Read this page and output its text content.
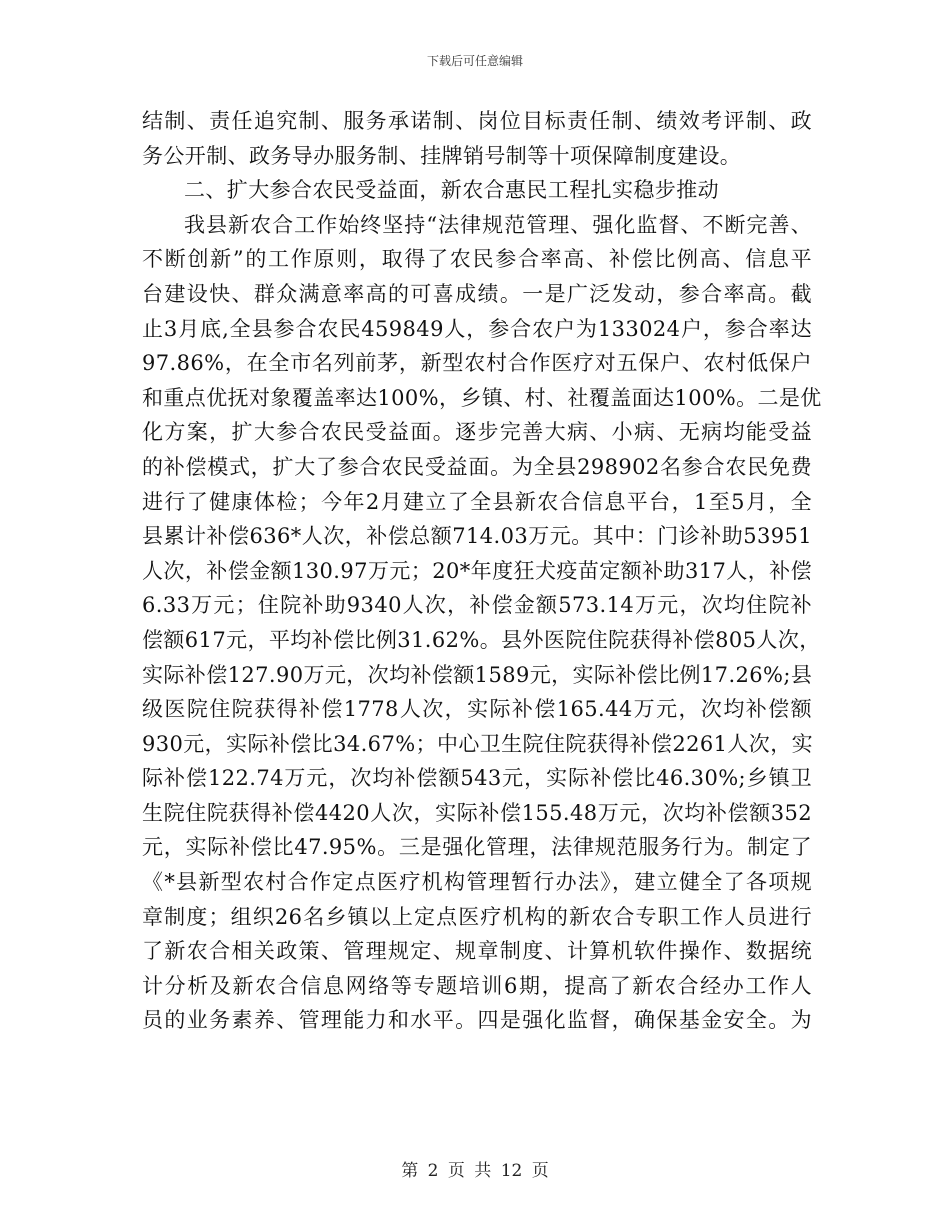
下载后可任意编辑
结制、责任追究制、服务承诺制、岗位目标责任制、绩效考评制、政
务公开制、政务导办服务制、挂牌销号制等十项保障制度建设。
二、扩大参合农民受益面，新农合惠民工程扎实稳步推动
我县新农合工作始终坚持“法律规范管理、强化监督、不断完善、
不断创新”的工作原则，取得了农民参合率高、补偿比例高、信息平
台建设快、群众满意率高的可喜成绩。一是广泛发动，参合率高。截
止3月底,全县参合农民459849人，参合农户为133024户，参合率达
97.86%，在全市名列前茅，新型农村合作医疗对五保户、农村低保户
和重点优抚对象覆盖率达100%，乡镇、村、社覆盖面达100%。二是优
化方案，扩大参合农民受益面。逐步完善大病、小病、无病均能受益
的补偿模式，扩大了参合农民受益面。为全县298902名参合农民免费
进行了健康体检；今年2月建立了全县新农合信息平台，1至5月，全
县累计补偿636*人次，补偿总额714.03万元。其中：门诊补助53951
人次，补偿金额130.97万元；20*年度狂犬疫苗定额补助317人，补偿
6.33万元；住院补助9340人次，补偿金额573.14万元，次均住院补
偿额617元，平均补偿比例31.62%。县外医院住院获得补偿805人次，
实际补偿127.90万元，次均补偿额1589元，实际补偿比例17.26%;县
级医院住院获得补偿1778人次，实际补偿165.44万元，次均补偿额
930元，实际补偿比34.67%；中心卫生院住院获得补偿2261人次，实
际补偿122.74万元，次均补偿额543元，实际补偿比46.30%;乡镇卫
生院住院获得补偿4420人次，实际补偿155.48万元，次均补偿额352
元，实际补偿比47.95%。三是强化管理，法律规范服务行为。制定了
《*县新型农村合作定点医疗机构管理暂行办法》，建立健全了各项规
章制度；组织26名乡镇以上定点医疗机构的新农合专职工作人员进行
了新农合相关政策、管理规定、规章制度、计算机软件操作、数据统
计分析及新农合信息网络等专题培训6期，提高了新农合经办工作人
员的业务素养、管理能力和水平。四是强化监督，确保基金安全。为
第 2 页 共 12 页
